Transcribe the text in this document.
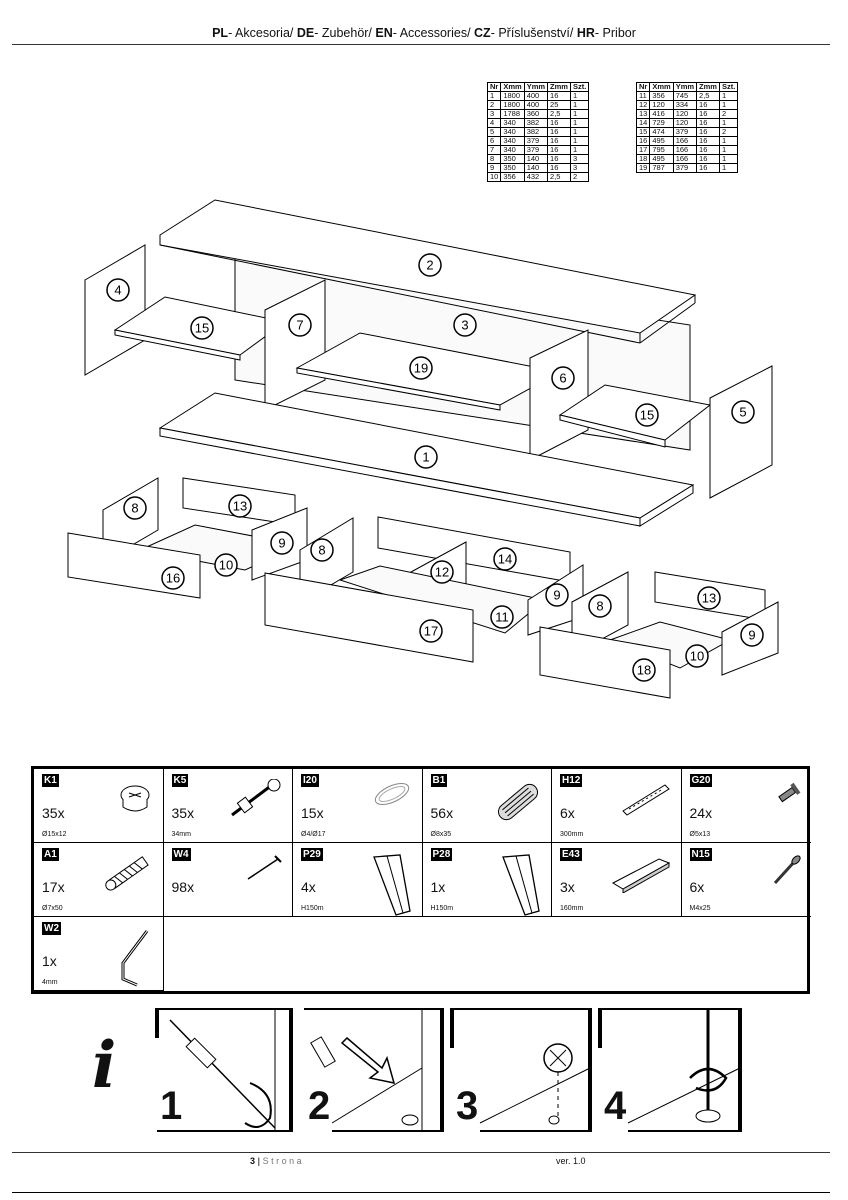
PL- Akcesoria/ DE- Zubehör/ EN- Accessories/ CZ- Příslušenství/ HR- Pribor
Nr	Xmm	Ymm	Zmm	Szt.
1	1800	400	16	1
2	1800	400	25	1
3	1788	360	2,5	1
4	340	382	16	1
5	340	382	16	1
6	340	379	16	1
7	340	379	16	1
8	350	140	16	3
9	350	140	16	3
10	356	432	2,5	2
Nr	Xmm	Ymm	Zmm	Szt.
11	356	745	2,5	1
12	120	334	16	1
13	416	120	16	2
14	729	120	16	1
15	474	379	16	2
16	495	166	16	1
17	795	166	16	1
18	495	166	16	1
19	787	379	16	1
1
2
3
4
5
6
7
8
8
8
9
9
9
10
10
11
12
13
13
14
15
15
16
17
18
19
K1
35x
Ø15x12
K5
35x
34mm
I20
15x
Ø4/Ø17
B1
56x
Ø8x35
H12
6x
300mm
G20
24x
Ø5x13
A1
17x
Ø7x50
W4
98x
P29
4x
H150m
P28
1x
H150m
E43
3x
160mm
N15
6x
M4x25
W2
1x
4mm
i
1	2	3	4
3 | S t r o n a	ver. 1.0
